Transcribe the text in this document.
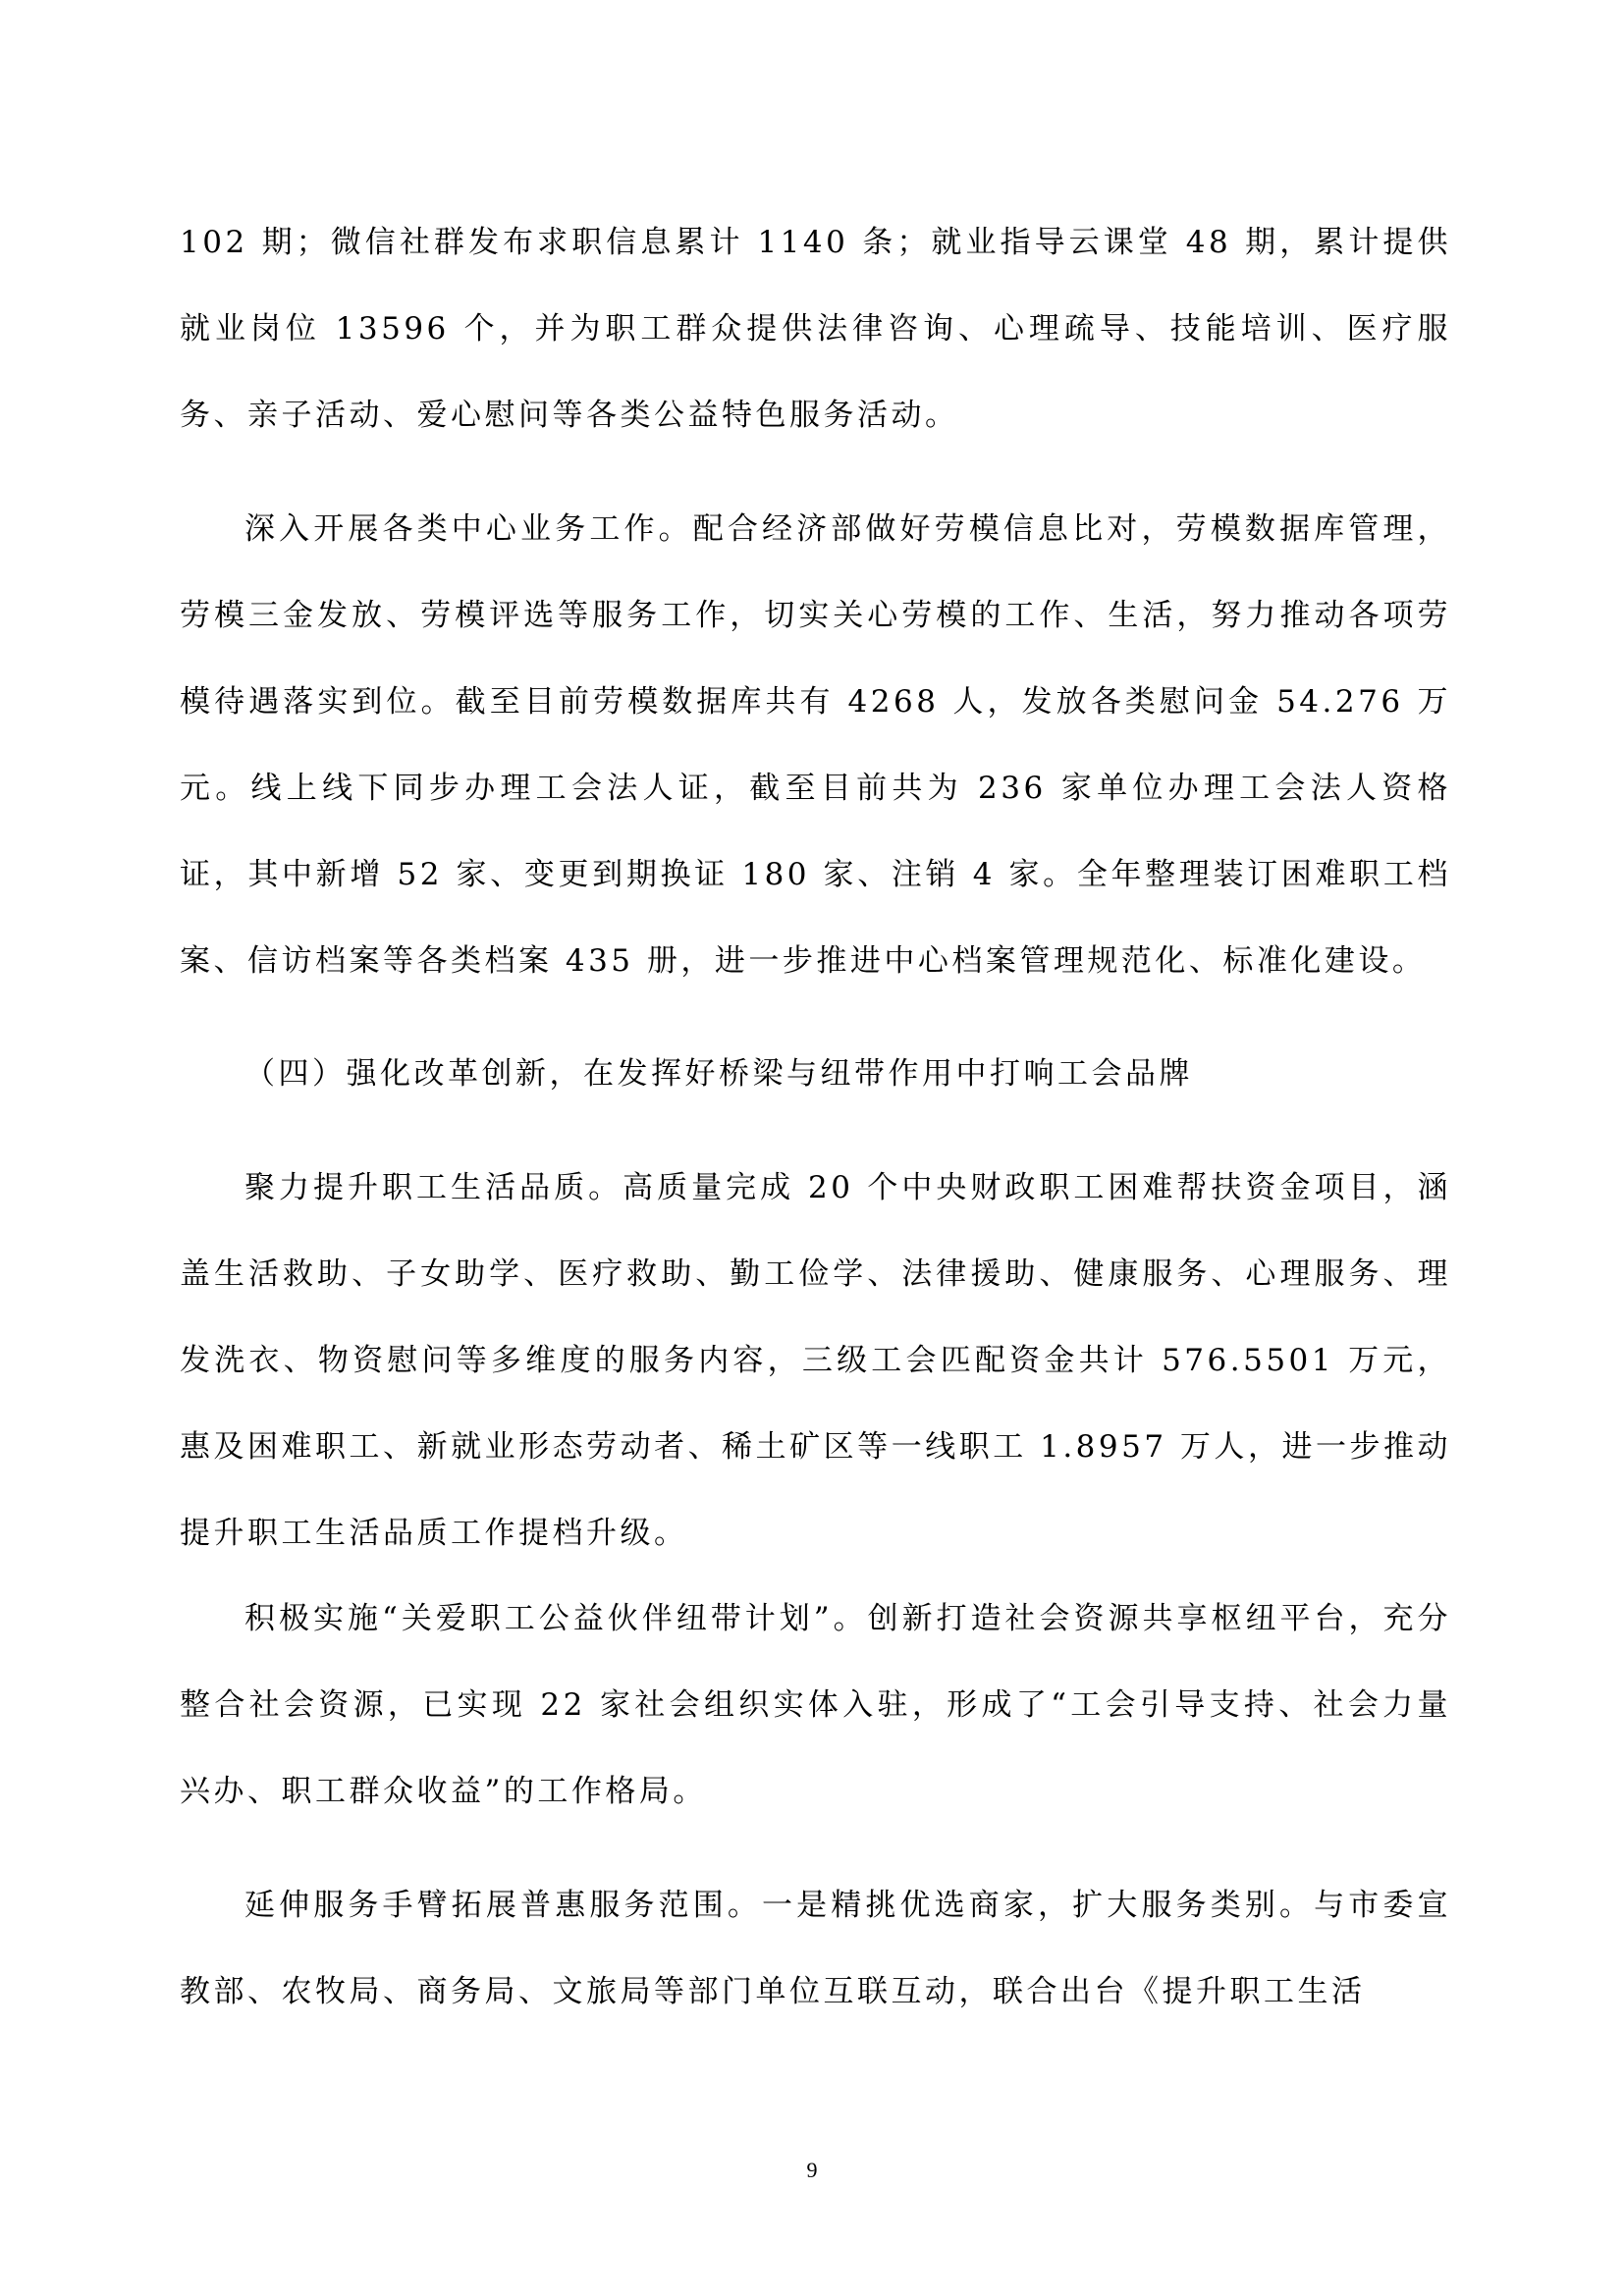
102 期；微信社群发布求职信息累计 1140 条；就业指导云课堂 48 期，累计提供就业岗位 13596 个，并为职工群众提供法律咨询、心理疏导、技能培训、医疗服务、亲子活动、爱心慰问等各类公益特色服务活动。

深入开展各类中心业务工作。配合经济部做好劳模信息比对，劳模数据库管理，劳模三金发放、劳模评选等服务工作，切实关心劳模的工作、生活，努力推动各项劳模待遇落实到位。截至目前劳模数据库共有 4268 人，发放各类慰问金 54.276 万元。线上线下同步办理工会法人证，截至目前共为 236 家单位办理工会法人资格证，其中新增 52 家、变更到期换证 180 家、注销 4 家。全年整理装订困难职工档案、信访档案等各类档案 435 册，进一步推进中心档案管理规范化、标准化建设。

（四）强化改革创新，在发挥好桥梁与纽带作用中打响工会品牌

聚力提升职工生活品质。高质量完成 20 个中央财政职工困难帮扶资金项目，涵盖生活救助、子女助学、医疗救助、勤工俭学、法律援助、健康服务、心理服务、理发洗衣、物资慰问等多维度的服务内容，三级工会匹配资金共计 576.5501 万元，惠及困难职工、新就业形态劳动者、稀土矿区等一线职工 1.8957 万人，进一步推动提升职工生活品质工作提档升级。

积极实施“关爱职工公益伙伴纽带计划”。创新打造社会资源共享枢纽平台，充分整合社会资源，已实现 22 家社会组织实体入驻，形成了“工会引导支持、社会力量兴办、职工群众收益”的工作格局。

延伸服务手臂拓展普惠服务范围。一是精挑优选商家，扩大服务类别。与市委宣教部、农牧局、商务局、文旅局等部门单位互联互动，联合出台《提升职工生活

9
